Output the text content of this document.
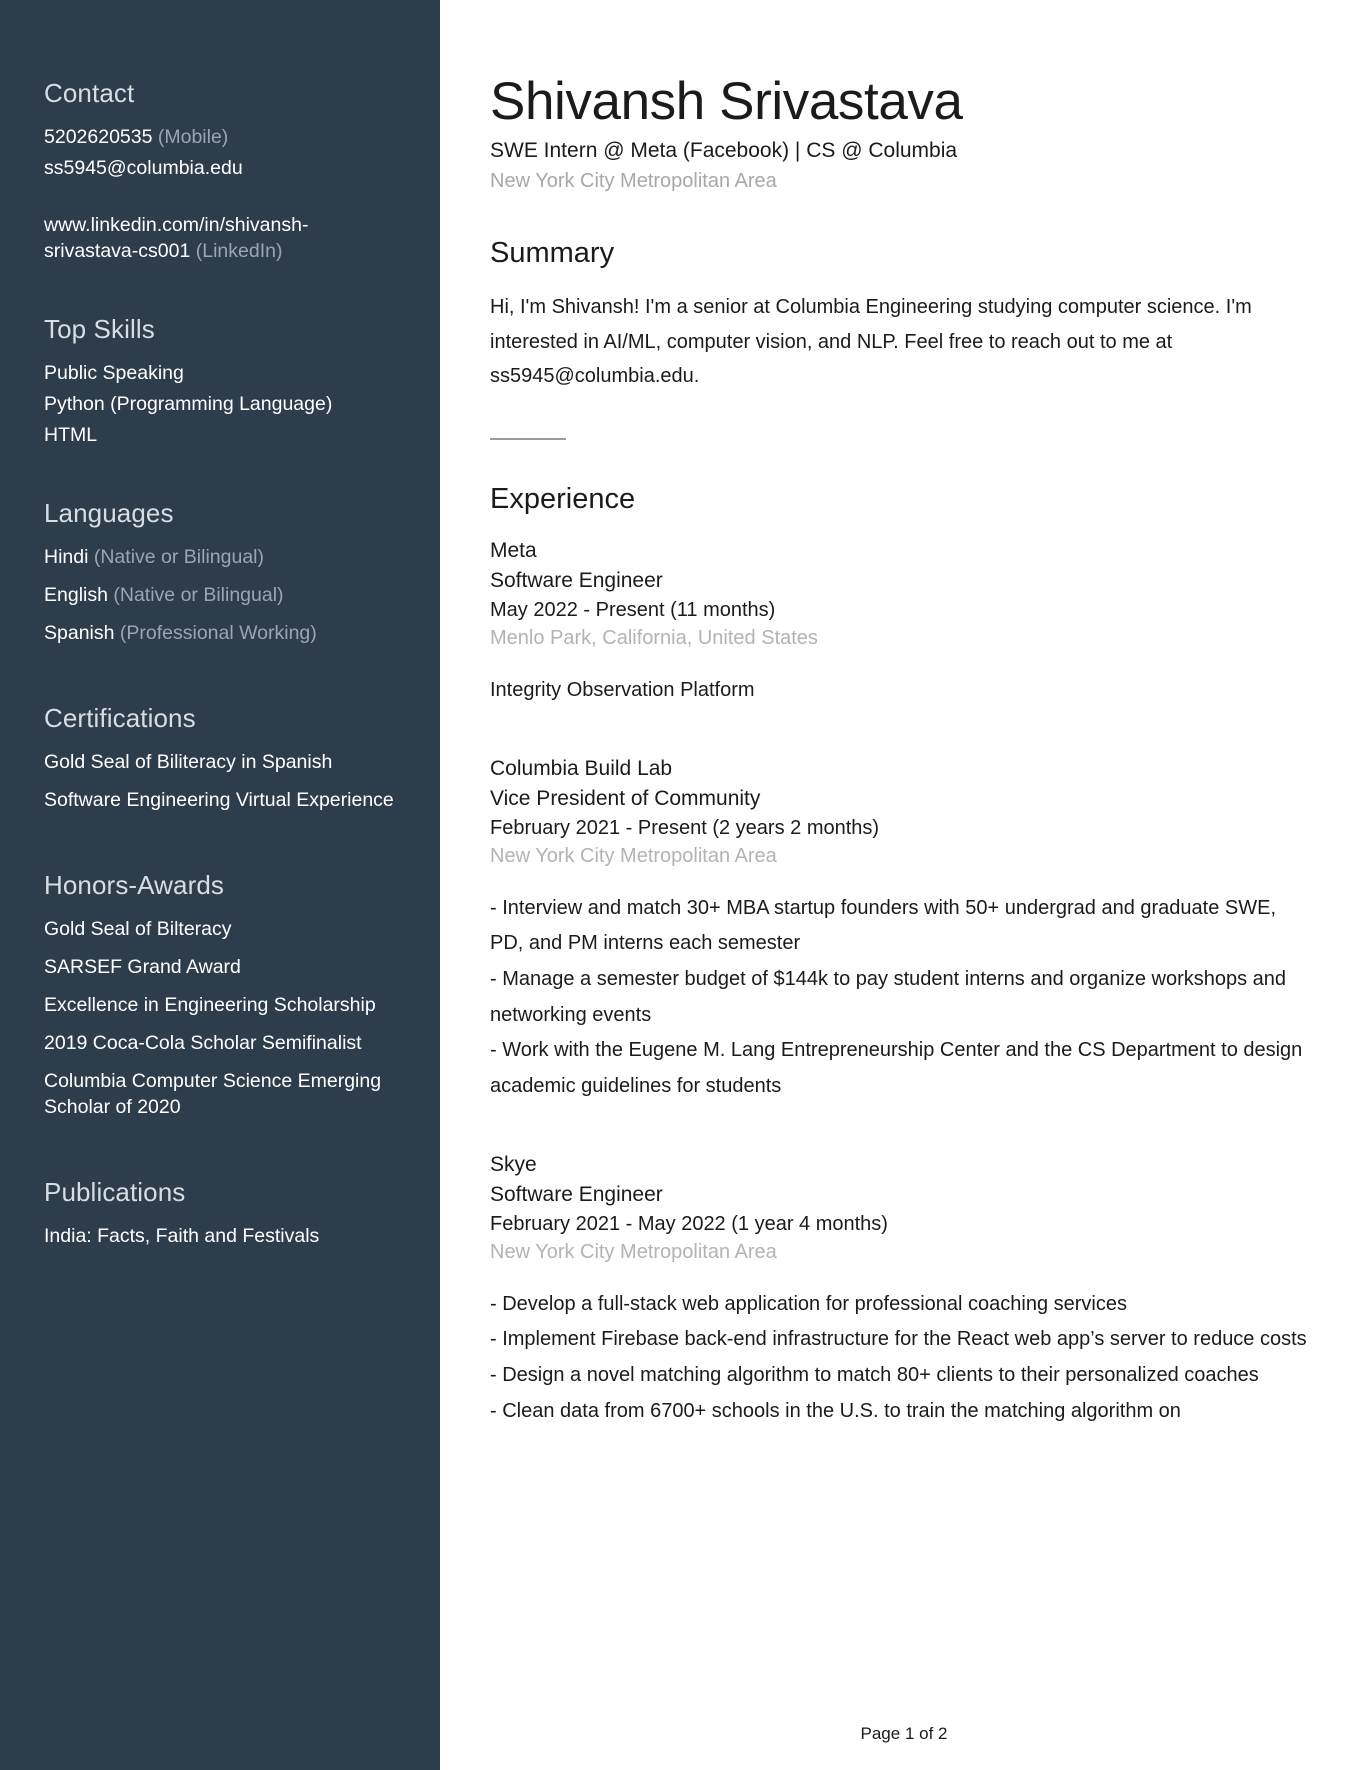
Contact
5202620535 (Mobile)
ss5945@columbia.edu
www.linkedin.com/in/shivansh-srivastava-cs001 (LinkedIn)
Top Skills
Public Speaking
Python (Programming Language)
HTML
Languages
Hindi (Native or Bilingual)
English (Native or Bilingual)
Spanish (Professional Working)
Certifications
Gold Seal of Biliteracy in Spanish
Software Engineering Virtual Experience
Honors-Awards
Gold Seal of Bilteracy
SARSEF Grand Award
Excellence in Engineering Scholarship
2019 Coca-Cola Scholar Semifinalist
Columbia Computer Science Emerging Scholar of 2020
Publications
India: Facts, Faith and Festivals
Shivansh Srivastava
SWE Intern @ Meta (Facebook) | CS @ Columbia
New York City Metropolitan Area
Summary

Hi, I'm Shivansh! I'm a senior at Columbia Engineering studying computer science. I'm interested in AI/ML, computer vision, and NLP. Feel free to reach out to me at ss5945@columbia.edu.

Experience
Meta
Software Engineer
May 2022 - Present (11 months)
Menlo Park, California, United States
Integrity Observation Platform
Columbia Build Lab
Vice President of Community
February 2021 - Present (2 years 2 months)
New York City Metropolitan Area
- Interview and match 30+ MBA startup founders with 50+ undergrad and graduate SWE, PD, and PM interns each semester
- Manage a semester budget of $144k to pay student interns and organize workshops and networking events
- Work with the Eugene M. Lang Entrepreneurship Center and the CS Department to design academic guidelines for students
Skye
Software Engineer
February 2021 - May 2022 (1 year 4 months)
New York City Metropolitan Area
- Develop a full-stack web application for professional coaching services
- Implement Firebase back-end infrastructure for the React web app’s server to reduce costs
- Design a novel matching algorithm to match 80+ clients to their personalized coaches
- Clean data from 6700+ schools in the U.S. to train the matching algorithm on
Page 1 of 2
